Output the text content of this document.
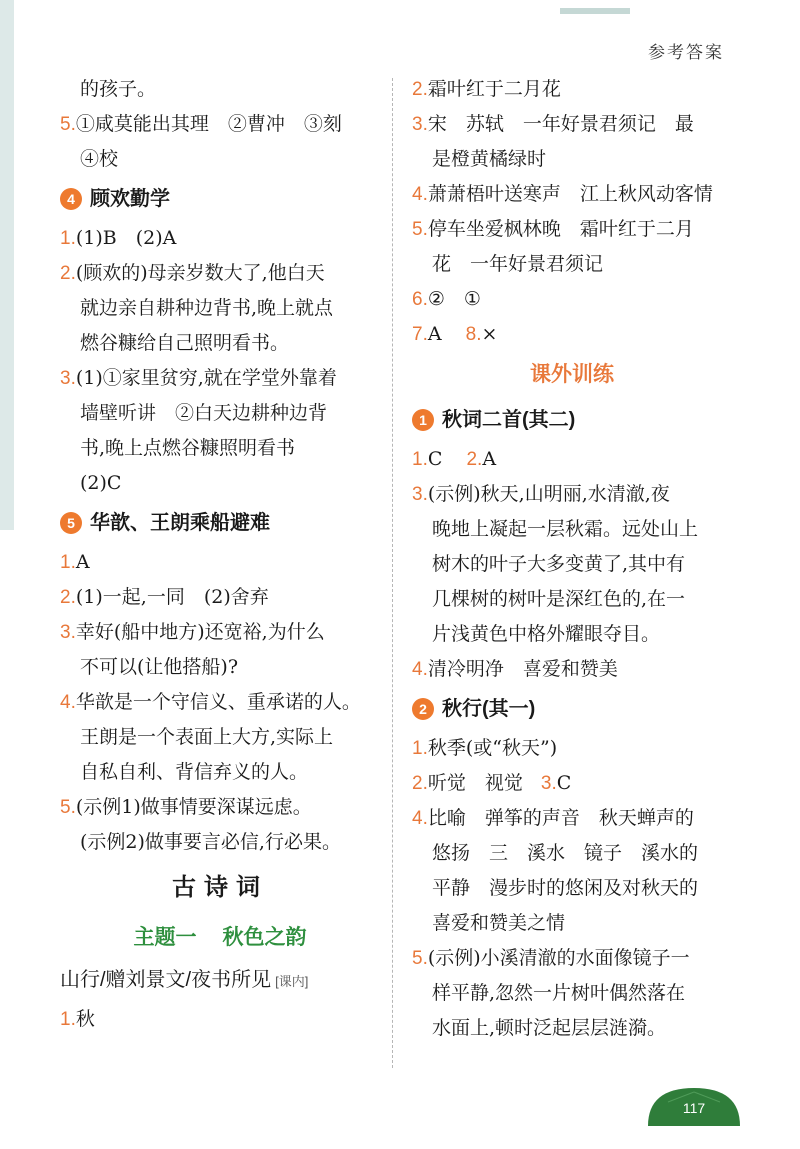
参考答案
的孩子。
5.①咸莫能出其理　②曹冲　③刻
④校
4 顾欢勤学
1.(1)B　(2)A
2.(顾欢的)母亲岁数大了,他白天
就边亲自耕种边背书,晚上就点
燃谷糠给自己照明看书。
3.(1)①家里贫穷,就在学堂外靠着
墙壁听讲　②白天边耕种边背
书,晚上点燃谷糠照明看书
(2)C
5 华歆、王朗乘船避难
1.A
2.(1)一起,一同　(2)舍弃
3.幸好(船中地方)还宽裕,为什么
不可以(让他搭船)?
4.华歆是一个守信义、重承诺的人。
王朗是一个表面上大方,实际上
自私自利、背信弃义的人。
5.(示例1)做事情要深谋远虑。
(示例2)做事要言必信,行必果。
古诗词
主题一 秋色之韵
山行/赠刘景文/夜书所见 [课内]
1.秋
2.霜叶红于二月花
3.宋　苏轼　一年好景君须记　最
是橙黄橘绿时
4.萧萧梧叶送寒声　江上秋风动客情
5.停车坐爱枫林晚　霜叶红于二月
花　一年好景君须记
6.②　①
7.A 8.×
课外训练
1 秋词二首(其二)
1.C 2.A
3.(示例)秋天,山明丽,水清澈,夜
晚地上凝起一层秋霜。远处山上
树木的叶子大多变黄了,其中有
几棵树的树叶是深红色的,在一
片浅黄色中格外耀眼夺目。
4.清冷明净　喜爱和赞美
2 秋行(其一)
1.秋季(或“秋天”)
2.听觉　视觉 3.C
4.比喻　弹筝的声音　秋天蝉声的
悠扬　三　溪水　镜子　溪水的
平静　漫步时的悠闲及对秋天的
喜爱和赞美之情
5.(示例)小溪清澈的水面像镜子一
样平静,忽然一片树叶偶然落在
水面上,顿时泛起层层涟漪。
117
